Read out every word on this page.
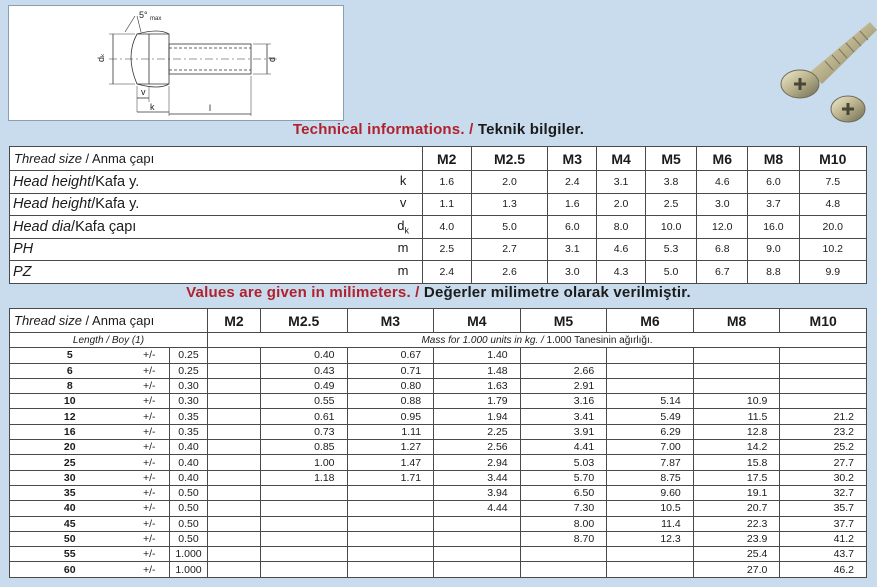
5° max
dₖ	d
v
k	l
Technical informations. / Teknik bilgiler.
Thread size / Anma çapı		M2	M2.5	M3	M4	M5	M6	M8	M10
Head height/Kafa y.	k	1.6	2.0	2.4	3.1	3.8	4.6	6.0	7.5
Head height/Kafa y.	v	1.1	1.3	1.6	2.0	2.5	3.0	3.7	4.8
Head dia/Kafa çapı	$d_k$	4.0	5.0	6.0	8.0	10.0	12.0	16.0	20.0
PH	m	2.5	2.7	3.1	4.6	5.3	6.8	9.0	10.2
PZ	m	2.4	2.6	3.0	4.3	5.0	6.7	8.8	9.9
Values are given in milimeters. / Değerler milimetre olarak verilmiştir.
Thread size / Anma çapı			M2	M2.5	M3	M4	M5	M6	M8	M10
Length / Boy (1)			Mass for 1.000 units in kg. / 1.000 Tanesinin ağırlığı.							
5	+/-	0.25		0.40	0.67	1.40				
6	+/-	0.25		0.43	0.71	1.48	2.66			
8	+/-	0.30		0.49	0.80	1.63	2.91			
10	+/-	0.30		0.55	0.88	1.79	3.16	5.14	10.9	
12	+/-	0.35		0.61	0.95	1.94	3.41	5.49	11.5	21.2
16	+/-	0.35		0.73	1.11	2.25	3.91	6.29	12.8	23.2
20	+/-	0.40		0.85	1.27	2.56	4.41	7.00	14.2	25.2
25	+/-	0.40		1.00	1.47	2.94	5.03	7.87	15.8	27.7
30	+/-	0.40		1.18	1.71	3.44	5.70	8.75	17.5	30.2
35	+/-	0.50				3.94	6.50	9.60	19.1	32.7
40	+/-	0.50				4.44	7.30	10.5	20.7	35.7
45	+/-	0.50					8.00	11.4	22.3	37.7
50	+/-	0.50					8.70	12.3	23.9	41.2
55	+/-	1.000							25.4	43.7
60	+/-	1.000							27.0	46.2
